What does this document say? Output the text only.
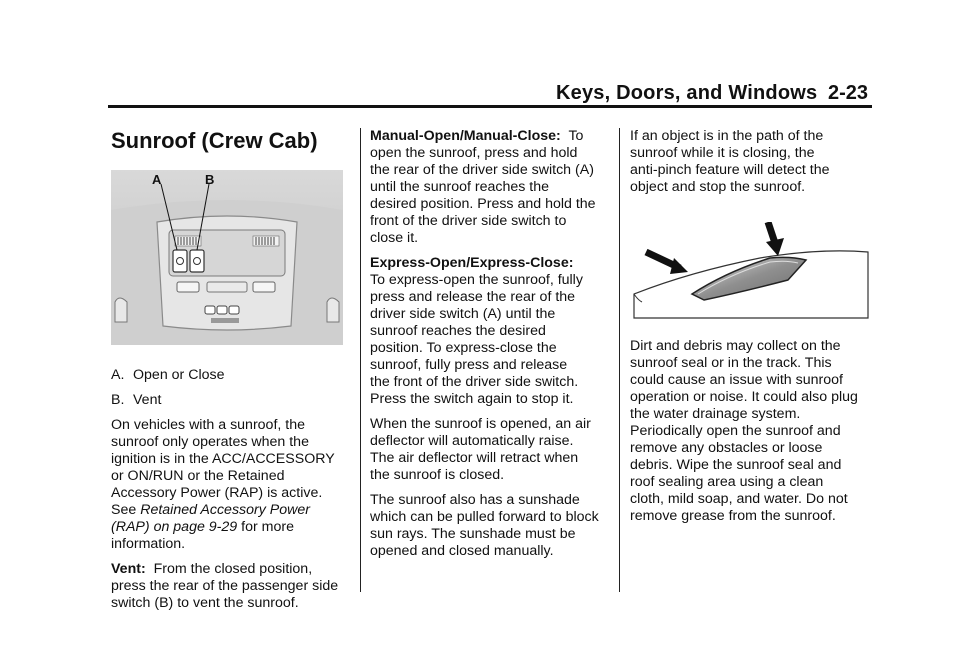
Keys, Doors, and Windows 2-23
Sunroof (Crew Cab)
A	B
A. Open or Close
B. Vent

On vehicles with a sunroof, the
sunroof only operates when the
ignition is in the ACC/ACCESSORY
or ON/RUN or the Retained
Accessory Power (RAP) is active.
See Retained Accessory Power
(RAP) on page 9-29 for more
information.

Vent: From the closed position,
press the rear of the passenger side
switch (B) to vent the sunroof.

Manual-Open/Manual-Close: To
open the sunroof, press and hold
the rear of the driver side switch (A)
until the sunroof reaches the
desired position. Press and hold the
front of the driver side switch to
close it.

Express-Open/Express-Close:
To express-open the sunroof, fully
press and release the rear of the
driver side switch (A) until the
sunroof reaches the desired
position. To express-close the
sunroof, fully press and release
the front of the driver side switch.
Press the switch again to stop it.

When the sunroof is opened, an air
deflector will automatically raise.
The air deflector will retract when
the sunroof is closed.

The sunroof also has a sunshade
which can be pulled forward to block
sun rays. The sunshade must be
opened and closed manually.

If an object is in the path of the
sunroof while it is closing, the
anti-pinch feature will detect the
object and stop the sunroof.

Dirt and debris may collect on the
sunroof seal or in the track. This
could cause an issue with sunroof
operation or noise. It could also plug
the water drainage system.
Periodically open the sunroof and
remove any obstacles or loose
debris. Wipe the sunroof seal and
roof sealing area using a clean
cloth, mild soap, and water. Do not
remove grease from the sunroof.
